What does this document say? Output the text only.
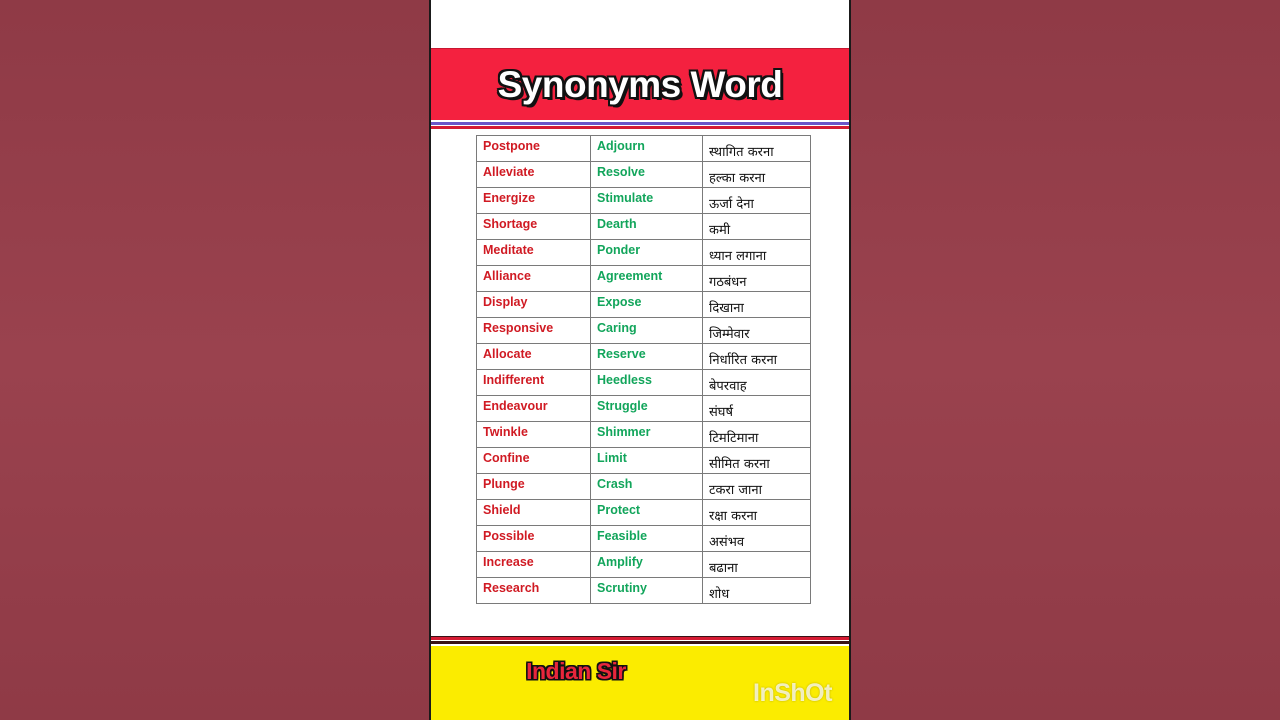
Synonyms Word
Postpone	Adjourn	स्थागित करना
Alleviate	Resolve	हल्का करना
Energize	Stimulate	ऊर्जा देना
Shortage	Dearth	कमी
Meditate	Ponder	ध्यान लगाना
Alliance	Agreement	गठबंधन
Display	Expose	दिखाना
Responsive	Caring	जिम्मेवार
Allocate	Reserve	निर्धारित करना
Indifferent	Heedless	बेपरवाह
Endeavour	Struggle	संघर्ष
Twinkle	Shimmer	टिमटिमाना
Confine	Limit	सीमित करना
Plunge	Crash	टकरा जाना
Shield	Protect	रक्षा करना
Possible	Feasible	असंभव
Increase	Amplify	बढाना
Research	Scrutiny	शोध
Indian Sir
InShOt
